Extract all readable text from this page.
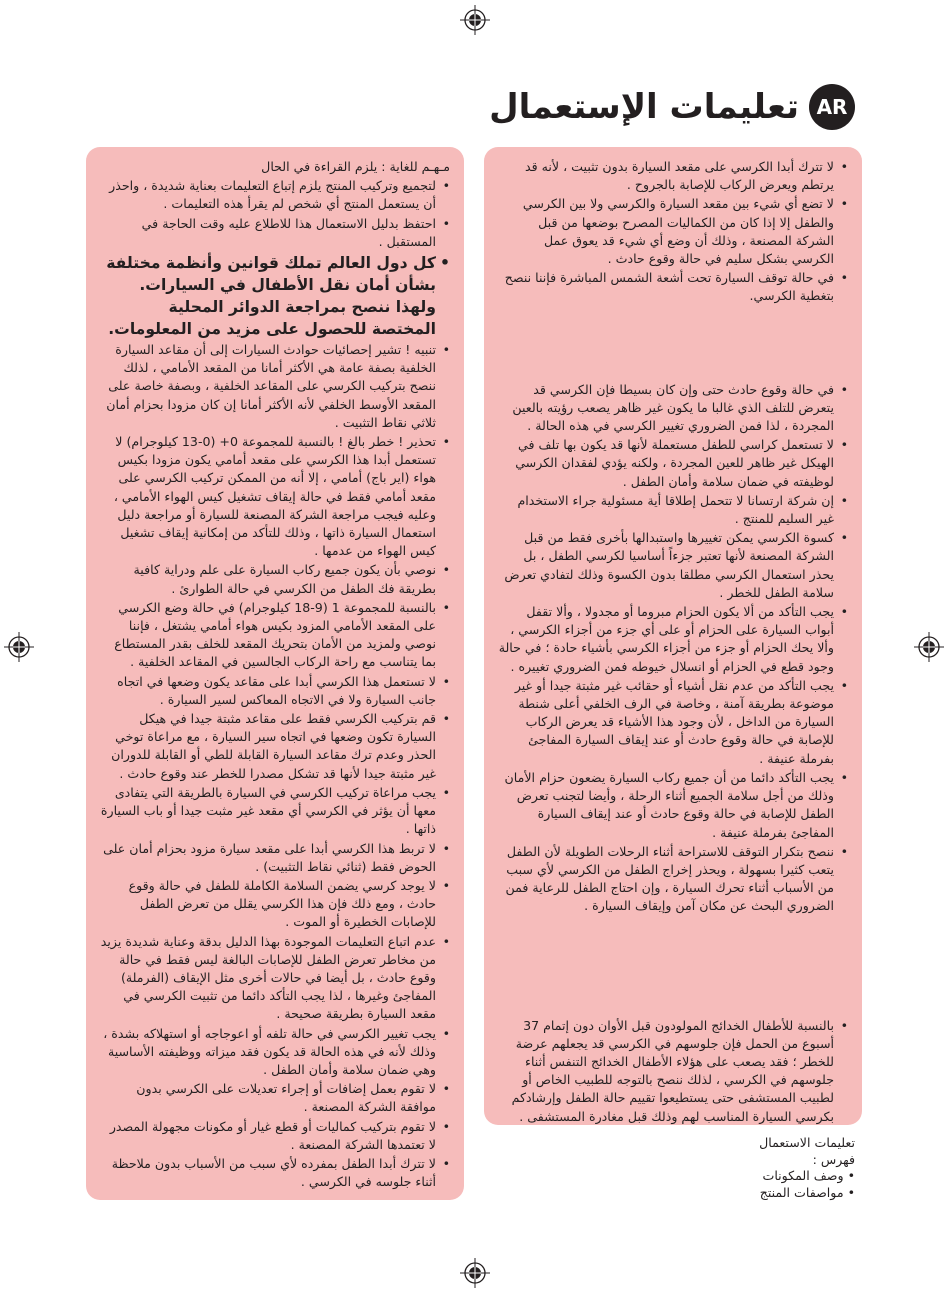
AR
تعليمات الإستعمال

مـهـم للغاية : يلزم القراءة في الحال

•
لتجميع وتركيب المنتج يلزم إتباع التعليمات بعناية شديدة ، واحذر أن يستعمل المنتج أي شخص لم يقرأ هذه التعليمات .
•
احتفظ بدليل الاستعمال هذا للاطلاع عليه وقت الحاجة في المستقبل .
•
كل دول العالم تملك قوانين وأنظمة مختلفة بشأن أمان نقل الأطفال في السيارات. ولهذا ننصح بمراجعة الدوائر المحلية المختصة للحصول على مزيد من المعلومات.
•
تنبيه ! تشير إحصائيات حوادث السيارات إلى أن مقاعد السيارة الخلفية بصفة عامة هي الأكثر أمانا من المقعد الأمامي ، لذلك ننصح بتركيب الكرسي على المقاعد الخلفية ، وبصفة خاصة على المقعد الأوسط الخلفي لأنه الأكثر أمانا إن كان مزودا بحزام أمان ثلاثي نقاط التثبيت .
•
تحذير ! خطر بالغ ! بالنسبة للمجموعة 0+ (0-13 كيلوجرام) لا تستعمل أبدا هذا الكرسي على مقعد أمامي يكون مزودا بكيس هواء (اير باج) أمامي ، إلا أنه من الممكن تركيب الكرسي على مقعد أمامي فقط في حالة إيقاف تشغيل كيس الهواء الأمامي ، وعليه فيجب مراجعة الشركة المصنعة للسيارة أو مراجعة دليل استعمال السيارة ذاتها ، وذلك للتأكد من إمكانية إيقاف تشغيل كيس الهواء من عدمها .
•
نوصي بأن يكون جميع ركاب السيارة على علم ودراية كافية بطريقة فك الطفل من الكرسي في حالة الطوارئ .
•
بالنسبة للمجموعة 1 (9-18 كيلوجرام) في حالة وضع الكرسي على المقعد الأمامي المزود بكيس هواء أمامي يشتغل ، فإننا نوصي ولمزيد من الأمان بتحريك المقعد للخلف بقدر المستطاع بما يتناسب مع راحة الركاب الجالسين في المقاعد الخلفية .
•
لا تستعمل هذا الكرسي أبدا على مقاعد يكون وضعها في اتجاه جانب السيارة ولا في الاتجاه المعاكس لسير السيارة .
•
قم بتركيب الكرسي فقط على مقاعد مثبتة جيدا في هيكل السيارة تكون وضعها في اتجاه سير السيارة ، مع مراعاة توخي الحذر وعدم ترك مقاعد السيارة القابلة للطي أو القابلة للدوران غير مثبتة جيدا لأنها قد تشكل مصدرا للخطر عند وقوع حادث .
•
يجب مراعاة تركيب الكرسي في السيارة بالطريقة التي يتفادى معها أن يؤثر في الكرسي أي مقعد غير مثبت جيدا أو باب السيارة ذاتها .
•
لا تربط هذا الكرسي أبدا على مقعد سيارة مزود بحزام أمان على الحوض فقط (ثنائي نقاط التثبيت) .
•
لا يوجد كرسي يضمن السلامة الكاملة للطفل في حالة وقوع حادث ، ومع ذلك فإن هذا الكرسي يقلل من تعرض الطفل للإصابات الخطيرة أو الموت .
•
عدم اتباع التعليمات الموجودة بهذا الدليل بدقة وعناية شديدة يزيد من مخاطر تعرض الطفل للإصابات البالغة ليس فقط في حالة وقوع حادث ، بل أيضا في حالات أخرى مثل الإيقاف (الفرملة) المفاجئ وغيرها ، لذا يجب التأكد دائما من تثبيت الكرسي في مقعد السيارة بطريقة صحيحة .
•
يجب تغيير الكرسي في حالة تلفه أو اعوجاجه أو استهلاكه بشدة ، وذلك لأنه في هذه الحالة قد يكون فقد ميزاته ووظيفته الأساسية وهي ضمان سلامة وأمان الطفل .
•
لا تقوم بعمل إضافات أو إجراء تعديلات على الكرسي بدون موافقة الشركة المصنعة .
•
لا تقوم بتركيب كماليات أو قطع غيار أو مكونات مجهولة المصدر لا تعتمدها الشركة المصنعة .
•
لا تترك أبدا الطفل بمفرده لأي سبب من الأسباب بدون ملاحظة أثناء جلوسه في الكرسي .
•
لا تترك أبدا الكرسي على مقعد السيارة بدون تثبيت ، لأنه قد يرتطم ويعرض الركاب للإصابة بالجروح .
•
لا تضع أي شيء بين مقعد السيارة والكرسي ولا بين الكرسي والطفل إلا إذا كان من الكماليات المصرح بوضعها من قبل الشركة المصنعة ، وذلك أن وضع أي شيء قد يعوق عمل الكرسي بشكل سليم في حالة وقوع حادث .
•
في حالة توقف السيارة تحت أشعة الشمس المباشرة فإننا ننصح بتغطية الكرسي.
•
في حالة وقوع حادث حتى وإن كان بسيطا فإن الكرسي قد يتعرض للتلف الذي غالبا ما يكون غير ظاهر يصعب رؤيته بالعين المجردة ، لذا فمن الضروري تغيير الكرسي في هذه الحالة .
•
لا تستعمل كراسي للطفل مستعملة لأنها قد يكون بها تلف في الهيكل غير ظاهر للعين المجردة ، ولكنه يؤدي لفقدان الكرسي لوظيفته في ضمان سلامة وأمان الطفل .
•
إن شركة ارتسانا لا تتحمل إطلاقا أية مسئولية جراء الاستخدام غير السليم للمنتج .
•
كسوة الكرسي يمكن تغييرها واستبدالها بأخرى فقط من قبل الشركة المصنعة لأنها تعتبر جزءاً أساسيا لكرسي الطفل ، بل يحذر استعمال الكرسي مطلقا بدون الكسوة وذلك لتفادي تعرض سلامة الطفل للخطر .
•
يجب التأكد من ألا يكون الحزام مبروما أو مجدولا ، وألا تقفل أبواب السيارة على الحزام أو على أي جزء من أجزاء الكرسي ، وألا يحك الحزام أو جزء من أجزاء الكرسي بأشياء حادة ؛ في حالة وجود قطع في الحزام أو انسلال خيوطه فمن الضروري تغييره .
•
يجب التأكد من عدم نقل أشياء أو حقائب غير مثبتة جيدا أو غير موضوعة بطريقة آمنة ، وخاصة في الرف الخلفي أعلى شنطة السيارة من الداخل ، لأن وجود هذا الأشياء قد يعرض الركاب للإصابة في حالة وقوع حادث أو عند إيقاف السيارة المفاجئ بفرملة عنيفة .
•
يجب التأكد دائما من أن جميع ركاب السيارة يضعون حزام الأمان وذلك من أجل سلامة الجميع أثناء الرحلة ، وأيضا لتجنب تعرض الطفل للإصابة في حالة وقوع حادث أو عند إيقاف السيارة المفاجئ بفرملة عنيفة .
•
ننصح بتكرار التوقف للاستراحة أثناء الرحلات الطويلة لأن الطفل يتعب كثيرا بسهولة ، ويحذر إخراج الطفل من الكرسي لأي سبب من الأسباب أثناء تحرك السيارة ، وإن احتاج الطفل للرعاية فمن الضروري البحث عن مكان آمن وإيقاف السيارة .
•
بالنسبة للأطفال الخدائج المولودون قبل الأوان دون إتمام 37 أسبوع من الحمل فإن جلوسهم في الكرسي قد يجعلهم عرضة للخطر ؛ فقد يصعب على هؤلاء الأطفال الخدائج التنفس أثناء جلوسهم في الكرسي ، لذلك ننصح بالتوجه للطبيب الخاص أو لطبيب المستشفى حتى يستطيعوا تقييم حالة الطفل وإرشادكم بكرسي السيارة المناسب لهم وذلك قبل مغادرة المستشفى .
تعليمات الاستعمال
فهرس :
• وصف المكونات
• مواصفات المنتج
